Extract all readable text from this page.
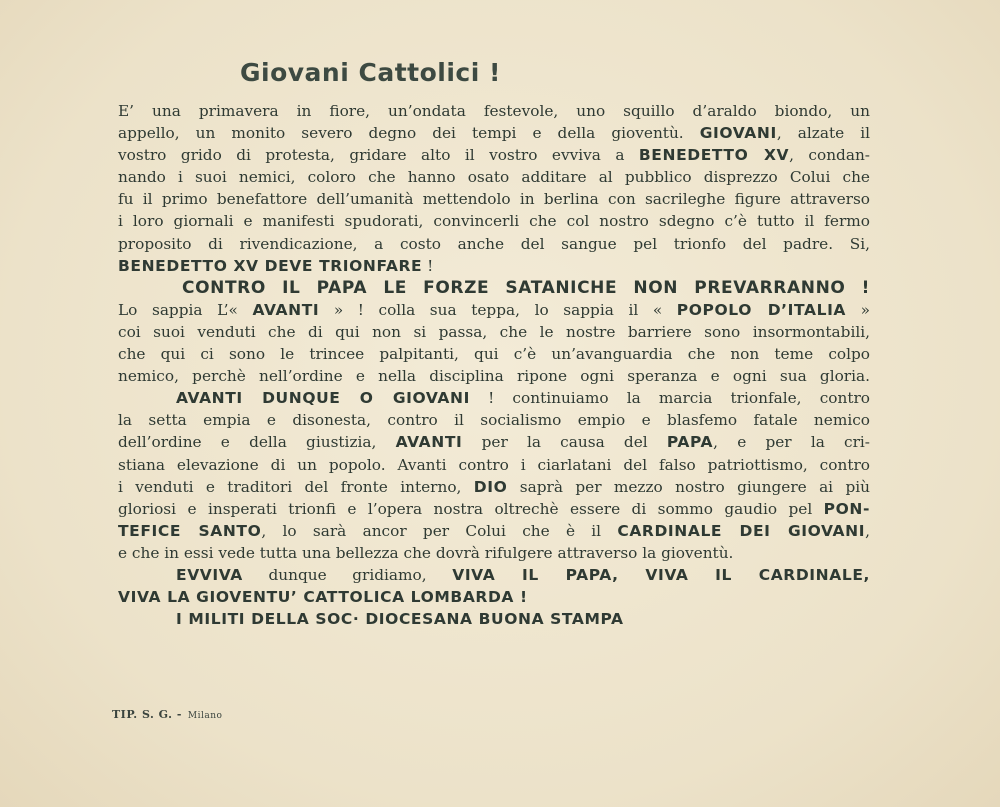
Giovani Cattolici !
E’ una primavera in fiore, un’ondata festevole, uno squillo d’araldo biondo, un
appello, un monito severo degno dei tempi e della gioventù. GIOVANI, alzate il
vostro grido di protesta, gridare alto il vostro evviva a BENEDETTO XV, condan-
nando i suoi nemici, coloro che hanno osato additare al pubblico disprezzo Colui che
fu il primo benefattore dell’umanità mettendolo in berlina con sacrileghe figure attraverso
i loro giornali e manifesti spudorati, convincerli che col nostro sdegno c’è tutto il fermo
proposito di rivendicazione, a costo anche del sangue pel trionfo del padre. Si,
BENEDETTO XV DEVE TRIONFARE !
CONTRO IL PAPA LE FORZE SATANICHE NON PREVARRANNO !
Lo sappia L’« AVANTI » ! colla sua teppa, lo sappia il « POPOLO D’ITALIA »
coi suoi venduti che di qui non si passa, che le nostre barriere sono insormontabili,
che qui ci sono le trincee palpitanti, qui c’è un’avanguardia che non teme colpo
nemico, perchè nell’ordine e nella disciplina ripone ogni speranza e ogni sua gloria.
AVANTI DUNQUE O GIOVANI ! continuiamo la marcia trionfale, contro
la setta empia e disonesta, contro il socialismo empio e blasfemo fatale nemico
dell’ordine e della giustizia, AVANTI per la causa del PAPA, e per la cri-
stiana elevazione di un popolo. Avanti contro i ciarlatani del falso patriottismo, contro
i venduti e traditori del fronte interno, DIO saprà per mezzo nostro giungere ai più
gloriosi e insperati trionfi e l’opera nostra oltrechè essere di sommo gaudio pel PON-
TEFICE SANTO, lo sarà ancor per Colui che è il CARDINALE DEI GIOVANI,
e che in essi vede tutta una bellezza che dovrà rifulgere attraverso la gioventù.
EVVIVA dunque gridiamo, VIVA IL PAPA, VIVA IL CARDINALE,
VIVA LA GIOVENTU’ CATTOLICA LOMBARDA !
I MILITI DELLA SOC· DIOCESANA BUONA STAMPA
TIP. S. G. - Milano
